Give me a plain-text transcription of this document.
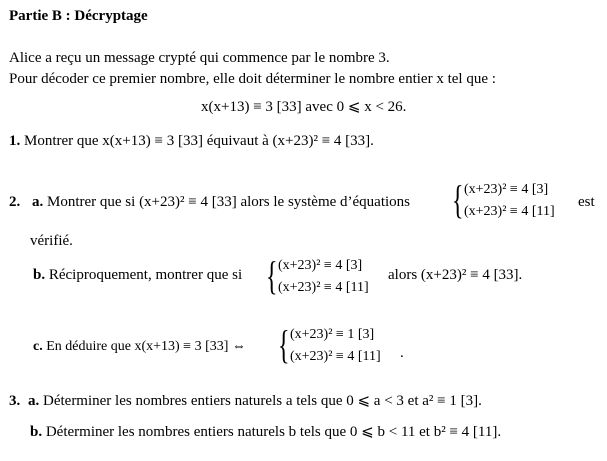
Partie B : Décryptage
Alice a reçu un message crypté qui commence par le nombre 3.
Pour décoder ce premier nombre, elle doit déterminer le nombre entier x tel que :
x(x+13) ≡ 3 [33] avec 0 ⩽ x < 26.
1. Montrer que x(x+13) ≡ 3 [33] équivaut à (x+23)² ≡ 4 [33].
2. a. Montrer que si (x+23)² ≡ 4 [33] alors le système d’équations { (x+23)² ≡ 4 [3]
(x+23)² ≡ 4 [11]
est
vérifié.
b. Réciproquement, montrer que si { (x+23)² ≡ 4 [3]
(x+23)² ≡ 4 [11]
alors (x+23)² ≡ 4 [33].
c. En déduire que x(x+13) ≡ 3 [33] ⇔ { (x+23)² ≡ 1 [3]
(x+23)² ≡ 4 [11] .
3. a. Déterminer les nombres entiers naturels a tels que 0 ⩽ a < 3 et a² ≡ 1 [3].
b. Déterminer les nombres entiers naturels b tels que 0 ⩽ b < 11 et b² ≡ 4 [11].
